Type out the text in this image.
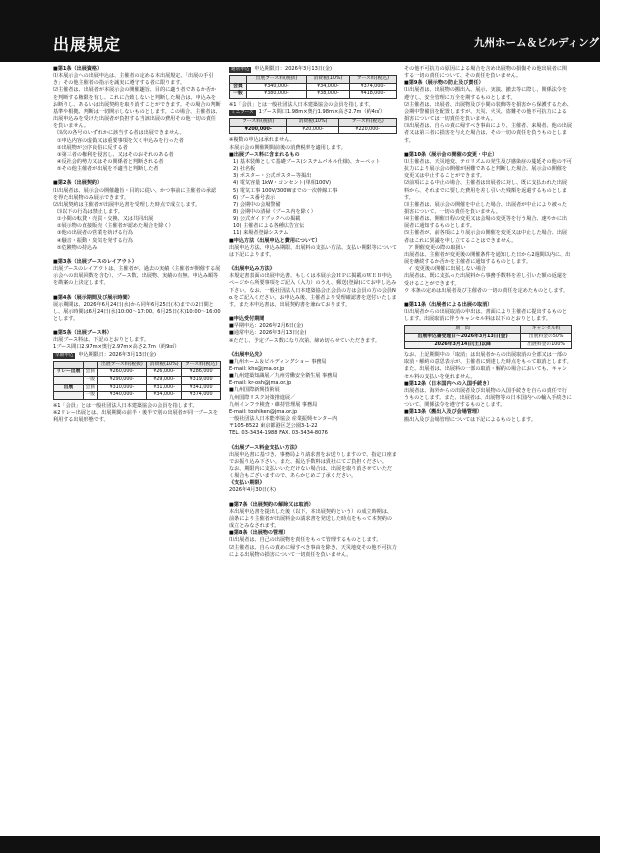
出展規定	九州ホーム＆ビルディングショー

■第1条（出展資格）

⑴本展示会への出展申込は、主催者の定める本出展規定、「出展の手引き」その他主催者の指示を誠実に遵守する者に限ります。

⑵主催者は、出展者が本展示会の開催趣旨、目的に適う者であるか否かを判断する権限を有し、これに合致しないと判断した場合は、申込みをお断りし、あるいは出展契約を取り消すことができます。その場合の判断基準や根拠、判断は一切開示しないものとします。この場合、主催者は、出展申込みを受けた出展者が負担する当該出展の費用その他一切の責任を負いません。

⑶次の各号のいずれかに該当する者は出展できません。

①申込内容の虚偽又は重要事項を欠く申込みを行った者

②出展物が公序良俗に反する者

③第三者の権利を侵害し、又はそのおそれのある者

④反社会的勢力又はその関係者と判断される者

⑤その他主催者が出展を不適当と判断した者

■第2条（出展契約）

⑴出展者は、展示会の開催趣旨・目的に従い、かつ事前に主催者の承認を得た出展物のみ展示できます。

⑵出展契約は主催者が出展申込書を受理した時点で成立します。

⑶以下の行為は禁止します。

①小間の転貸・売買・交換、又は共同出展

②展示物の直接販売（主催者が認めた場合を除く）

③他の出展者の営業を妨げる行為

④騒音・振動・臭気を発する行為

⑤危険物の持込み

■第3条（出展ブースのレイアウト）

出展ブースのレイアウトは、主催者が、過去の実績（主催者が開催する展示会への出展回数を含む）、ブース数、出展物、実績の有無、申込み順等を勘案の上決定します。

■第4条（展示期間及び展示時間）

展示期間は、2026年6月24日(水)から同年6月25日(木)までの2日間とし、展示時間は6月24日(水)10:00〜17:00、6月25日(木)10:00〜16:00とします。

■第5条（出展ブース料）

出展ブース料は、下記のとおりとします。

1ブース間口2.97m×奥行2.97m×高さ2.7m（約9㎡）

早期申込 申込期限日：2026年3月13日(金)

		出展ブース料(税抜)	消費税(10%)	ブース料(税込)
リレー出展	会員	¥260,000-	¥26,000-	¥286,000
	一般	¥290,000-	¥29,000-	¥319,000
出展	会員	¥310,000-	¥31,000-	¥341,000
	一般	¥340,000-	¥34,000-	¥374,000

※1「会員」とは一般社団法人日本建築協会の会員を指します。

※2リレー出展とは、出展期間の前半・後半で別の出展者が同一ブースを利用する出展形態です。

通常申込 申込期限日：2026年3月13日(金)

	出展ブース料(税抜)	消費税(10%)	ブース料(税込)
会員	¥340,000-	¥34,000-	¥374,000-
一般	¥380,000-	¥38,000-	¥418,000-

※1「会員」とは一般社団法人日本建築協会の会員を指します。

ミニブース 1ブース間口1.98m×奥行1.98m×高さ2.7m（約4㎡）

ブース料(税抜)	消費税(10%)	ブース料(税込)
¥200,000-	¥20,000-	¥220,000-

※複数の申込は承れません。

本展示会の開催期間前後の消費税率を適用します。

■出展ブース料に含まれるもの

1) 基本装飾として基礎ブース(システムパネル仕様)、カーペット

2) 社名板

3) ポスター・公式ポスター等掲出

4) 電気容量 1kW・コンセント(単相100V)

5) 電気工事 100V/300Wまでの一次幹線工事

6) ブース番号表示

7) 会期中の会場警備

8) 会期中の清掃（ブース内を除く）

9) 公式ガイドブックへの掲載

10) 主催者による各種広告宣伝

11) 来場者登録システム

■申込方法（出展申込と費用について）

出展申込方法、申込み期限、出展料の支払い方法、支払い期限等については下記によります。

《出展申込み方法》

本規定書表面の出展申込書、もしくは本展示会ＨＰに掲載のＷＥＢ申込ページから所要事項をご記入（入力）のうえ、郵送(登録)にてお申し込み下さい。なお、一般社団法人日本建築協会正会員の方は会員の方の会員No.をご記入ください。お申込み後、主催者より受理確認書を送付いたします。また本申込書は、出展契約書を兼ねております。

■申込受付期間

■早期申込：2026年2月6日(金)

■通常申込：2026年3月13日(金)

※ただし、予定ブース数になり次第、締め切らせていただきます。

《出展申込先》

■九州ホーム＆ビルディングショー 事務局

E-mail: khs@jma.or.jp

■九州建築知識展／九州労働安全衛生展 事務局

E-mail: kr-osh@jma.or.jp

■九州国際新興技術展

九州国際リスク対策推進展／

九州インフラ検査・維持管理展 事務局

E-mail: toshiken@jma.or.jp

一般社団法人日本能率協会 産業振興センター内

〒105-8522 東京都港区芝公園3-1-22

TEL. 03-3434-1988 FAX. 03-3434-8076

《出展ブース料金支払い方法》

出展申込書に基づき、事務局より請求書をお送りしますので、指定口座までお振り込み下さい。また、振込手数料は貴社にてご負担ください。

なお、期限内に支払いいただけない場合は、出展を取り消させていただく場合もございますので、あらかじめご了承ください。

《支払い期限》

2026年4月30日(木)

■第7条（出展契約の解除又は取消）

本出展申込書を提出した後（以下、本出展契約という）の成立時期は、前条により主催者が出展料金の請求書を発送した時点をもって本契約の成立とみなされます。

■第8条（出展物の管理）

⑴出展者は、自己の出展物を責任をもって管理するものとします。

⑵主催者は、自らの責めに帰すべき事由を除き、天災地変その他不可抗力による出展物の損害について一切責任を負いません。

その他不可抗力の原因による場合を含め出展物の損傷その他出展者に関する一切の責任について、その責任を負いません。

■第9条（展示物の防止及び責任）

⑴出展者は、出展物の搬出入、展示、実演、撤去等に際し、関係法令を遵守し、安全管理に万全を期するものとします。

⑵主催者は、出展者、出展物及び小間の装飾等を損害から保護するため、会期中警備員を配置しますが、天災、火災、盗難その他不可抗力による損害については一切責任を負いません。

⑶出展者は、自らの責に帰すべき事由により、主催者、来場者、他の出展者又は第三者に損害を与えた場合は、その一切の責任を負うものとします。

■第10条（展示会の開催の変更・中止）

⑴主催者は、天災地変、テロリズムの発生及び感染症の蔓延その他の不可抗力により展示会の開催が困難であると判断した場合、展示会の開催を変更又は中止することができます。

⑵前項による中止の場合、主催者は出展者に対し、既に支払われた出展料から、それまでに要した費用を差し引いた残額を返還するものとします。

⑶主催者は、展示会の開催を中止した場合、出展者が中止により被った損害について、一切の責任を負いません。

⑷主催者は、開催日程の変更又は会場の変更等を行う場合、速やかに出展者に通知するものとします。

⑸主催者が、前各項により展示会の開催を変更又は中止した場合、出展者はこれに異議を申し立てることはできません。

ア 開催変更の際の取扱い

出展者は、主催者が変更後の開催条件を通知した日から2週間以内に、出展を継続するか否かを主催者に通知するものとします。

イ 変更後の開催に出展しない場合

出展者は、既に支払った出展料から事務手数料を差し引いた額の返還を受けることができます。

ウ 本条の定めは出展者及び主催者の一切の責任を定めたものとします。

■第11条（出展者による出展の取消）

⑴出展者からの出展取消の申出は、書面により主催者に提出するものとします。出展取消に伴うキャンセル料は以下のとおりとします。

期　間	キャンセル料
出展申込書受理日〜2026年3月13日(金)	出展料金の50%
2026年3月14日(土)以降	出展料金の100%

なお、上記期間中の「取消」は出展者からの出展取消の全部又は一部の取消・解約の意思表示が、主催者に到達した時点をもって取消とします。また、出展者は、出展料の一部の取消・解約の場合においても、キャンセル料の支払いを免れません。

■第12条（日本国内への入国手続き）

出展者は、海外からの出展者及び出展物の入国手続きを自らの責任で行うものとします。また、出展者は、出展物等の日本国内への輸入手続きについて、関係法令を遵守するものとします。

■第13条（搬出入及び会場管理）

搬出入及び会場管理については下記によるものとします。
